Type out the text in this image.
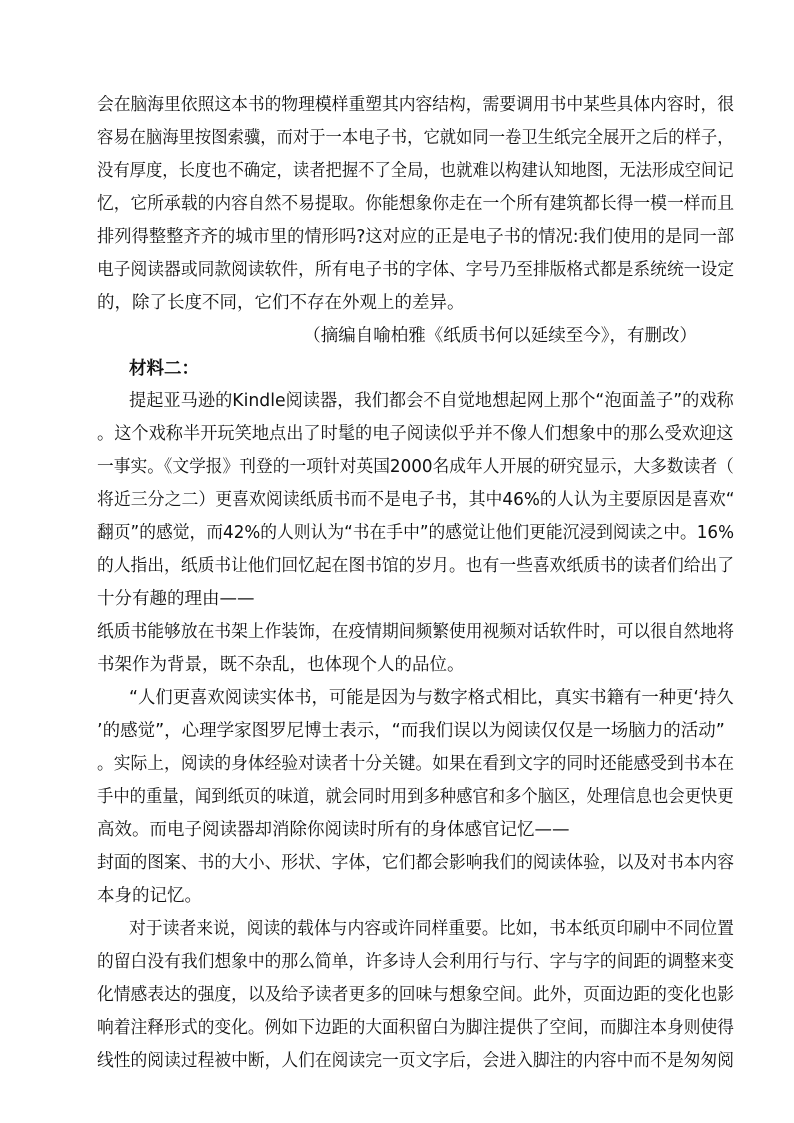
会在脑海里依照这本书的物理模样重塑其内容结构，需要调用书中某些具体内容时，很
容易在脑海里按图索骥，而对于一本电子书，它就如同一卷卫生纸完全展开之后的样子，
没有厚度，长度也不确定，读者把握不了全局，也就难以构建认知地图，无法形成空间记
忆，它所承载的内容自然不易提取。你能想象你走在一个所有建筑都长得一模一样而且
排列得整整齐齐的城市里的情形吗?这对应的正是电子书的情况:我们使用的是同一部
电子阅读器或同款阅读软件，所有电子书的字体、字号乃至排版格式都是系统统一设定
的，除了长度不同，它们不存在外观上的差异。
（摘编自喻柏雅《纸质书何以延续至今》，有删改）
材料二：
提起亚马逊的Kindle阅读器，我们都会不自觉地想起网上那个“泡面盖子”的戏称
。这个戏称半开玩笑地点出了时髦的电子阅读似乎并不像人们想象中的那么受欢迎这
一事实。《文学报》刊登的一项针对英国2000名成年人开展的研究显示，大多数读者（
将近三分之二）更喜欢阅读纸质书而不是电子书，其中46%的人认为主要原因是喜欢“
翻页”的感觉，而42%的人则认为“书在手中”的感觉让他们更能沉浸到阅读之中。16%
的人指出，纸质书让他们回忆起在图书馆的岁月。也有一些喜欢纸质书的读者们给出了
十分有趣的理由——
纸质书能够放在书架上作装饰，在疫情期间频繁使用视频对话软件时，可以很自然地将
书架作为背景，既不杂乱，也体现个人的品位。
“人们更喜欢阅读实体书，可能是因为与数字格式相比，真实书籍有一种更‘持久
’的感觉”，心理学家图罗尼博士表示，“而我们误以为阅读仅仅是一场脑力的活动”
。实际上，阅读的身体经验对读者十分关键。如果在看到文字的同时还能感受到书本在
手中的重量，闻到纸页的味道，就会同时用到多种感官和多个脑区，处理信息也会更快更
高效。而电子阅读器却消除你阅读时所有的身体感官记忆——
封面的图案、书的大小、形状、字体，它们都会影响我们的阅读体验，以及对书本内容
本身的记忆。
对于读者来说，阅读的载体与内容或许同样重要。比如，书本纸页印刷中不同位置
的留白没有我们想象中的那么简单，许多诗人会利用行与行、字与字的间距的调整来变
化情感表达的强度，以及给予读者更多的回味与想象空间。此外，页面边距的变化也影
响着注释形式的变化。例如下边距的大面积留白为脚注提供了空间，而脚注本身则使得
线性的阅读过程被中断，人们在阅读完一页文字后，会进入脚注的内容中而不是匆匆阅
